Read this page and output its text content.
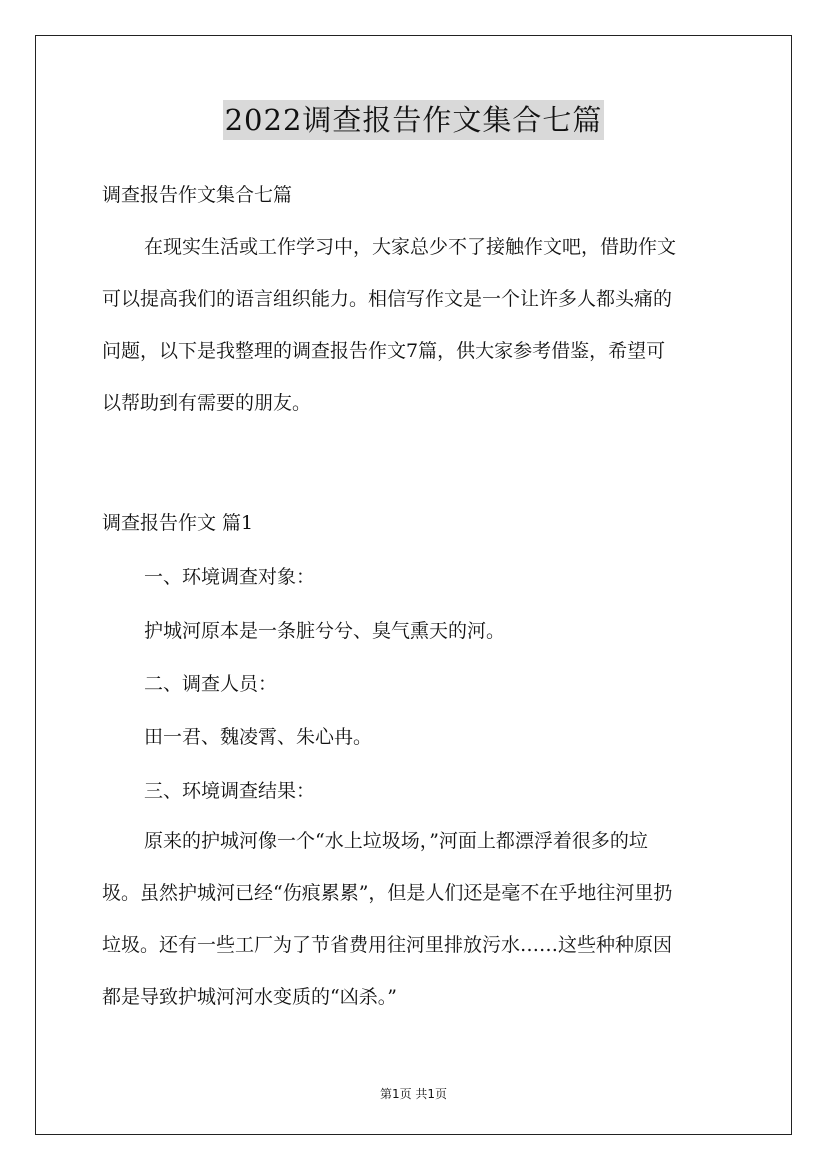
2022调查报告作文集合七篇
调查报告作文集合七篇
在现实生活或工作学习中，大家总少不了接触作文吧，借助作文
可以提高我们的语言组织能力。相信写作文是一个让许多人都头痛的
问题，以下是我整理的调查报告作文7篇，供大家参考借鉴，希望可
以帮助到有需要的朋友。
调查报告作文 篇1
一、环境调查对象：
护城河原本是一条脏兮兮、臭气熏天的河。
二、调查人员：
田一君、魏凌霄、朱心冉。
三、环境调查结果：
原来的护城河像一个“水上垃圾场，”河面上都漂浮着很多的垃
圾。虽然护城河已经“伤痕累累”，但是人们还是毫不在乎地往河里扔
垃圾。还有一些工厂为了节省费用往河里排放污水……这些种种原因
都是导致护城河河水变质的“凶杀。”
第1页 共1页
